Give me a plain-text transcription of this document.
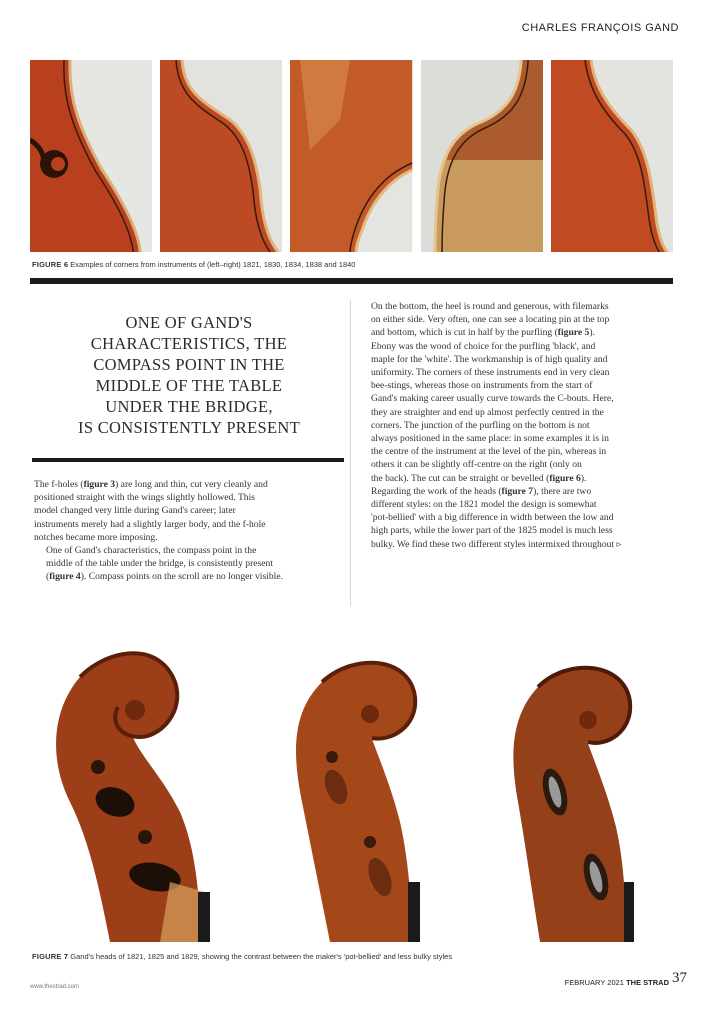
CHARLES FRANÇOIS GAND
FIGURE 6 Examples of corners from instruments of (left–right) 1821, 1830, 1834, 1838 and 1840
ONE OF GAND'S
CHARACTERISTICS, THE
COMPASS POINT IN THE
MIDDLE OF THE TABLE
UNDER THE BRIDGE,
IS CONSISTENTLY PRESENT

The f-holes (figure 3) are long and thin, cut very cleanly and
positioned straight with the wings slightly hollowed. This
model changed very little during Gand's career; later
instruments merely had a slightly larger body, and the f-hole
notches became more imposing.

One of Gand's characteristics, the compass point in the
middle of the table under the bridge, is consistently present
(figure 4). Compass points on the scroll are no longer visible.

On the bottom, the heel is round and generous, with filemarks
on either side. Very often, one can see a locating pin at the top
and bottom, which is cut in half by the purfling (figure 5).

Ebony was the wood of choice for the purfling 'black', and
maple for the 'white'. The workmanship is of high quality and
uniformity. The corners of these instruments end in very clean
bee-stings, whereas those on instruments from the start of
Gand's making career usually curve towards the C-bouts. Here,
they are straighter and end up almost perfectly centred in the
corners. The junction of the purfling on the bottom is not
always positioned in the same place: in some examples it is in
the centre of the instrument at the level of the pin, whereas in
others it can be slightly off-centre on the right (only on
the back). The cut can be straight or bevelled (figure 6).

Regarding the work of the heads (figure 7), there are two
different styles: on the 1821 model the design is somewhat
'pot-bellied' with a big difference in width between the low and
high parts, while the lower part of the 1825 model is much less
bulky. We find these two different styles intermixed throughout ▹

FIGURE 7 Gand's heads of 1821, 1825 and 1829, showing the contrast between the maker's 'pot-bellied' and less bulky styles
www.thestrad.com	FEBRUARY 2021 THE STRAD 37
